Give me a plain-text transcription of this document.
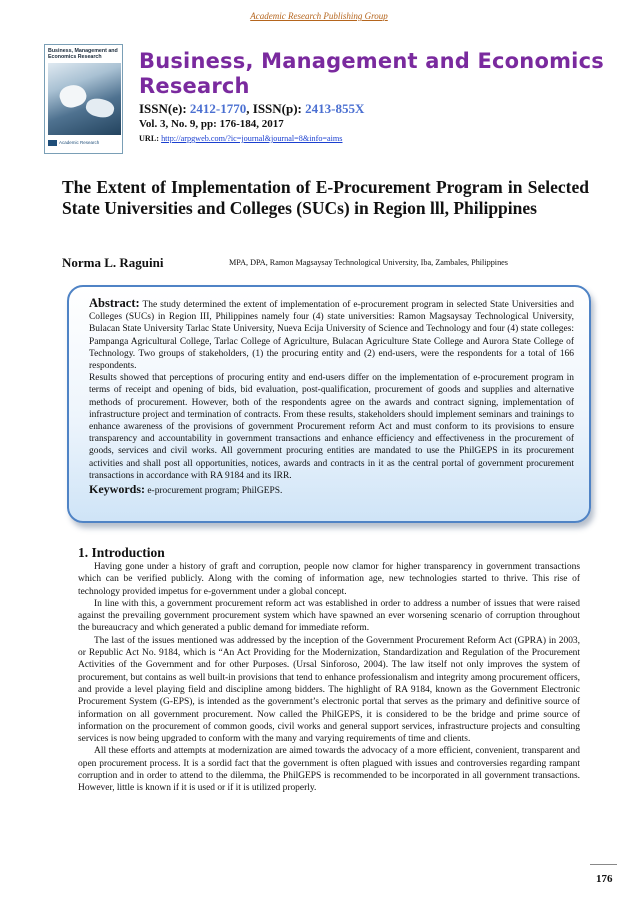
Academic Research Publishing Group
Business, Management and Economics Research
Academic Research
Business, Management and Economics Research
ISSN(e): 2412-1770, ISSN(p): 2413-855X
Vol. 3, No. 9, pp: 176-184, 2017
URL: http://arpgweb.com/?ic=journal&journal=8&info=aims
The Extent of Implementation of E-Procurement Program in Selected State Universities and Colleges (SUCs) in Region lll, Philippines
Norma L. Raguini	MPA, DPA, Ramon Magsaysay Technological University, Iba, Zambales, Philippines

Abstract: The study determined the extent of implementation of e-procurement program in selected State Universities and Colleges (SUCs) in Region III, Philippines namely four (4) state universities: Ramon Magsaysay Technological University, Bulacan State University Tarlac State University, Nueva Ecija University of Science and Technology and four (4) state colleges: Pampanga Agricultural College, Tarlac College of Agriculture, Bulacan Agriculture State College and Aurora State College of Technology. Two groups of stakeholders, (1) the procuring entity and (2) end-users, were the respondents for a total of 166 respondents.

Results showed that perceptions of procuring entity and end-users differ on the implementation of e-procurement program in terms of receipt and opening of bids, bid evaluation, post-qualification, procurement of goods and supplies and alternative methods of procurement. However, both of the respondents agree on the awards and contract signing, implementation of infrastructure project and termination of contracts. From these results, stakeholders should implement seminars and trainings to enhance awareness of the provisions of government Procurement reform Act and must conform to its provisions to ensure transparency and accountability in government transactions and enhance efficiency and effectiveness in the procurement of goods, services and civil works. All government procuring entities are mandated to use the PhilGEPS in its procurement activities and shall post all opportunities, notices, awards and contracts in it as the central portal of government procurement transactions in accordance with RA 9184 and its IRR.

Keywords: e-procurement program; PhilGEPS.

1. Introduction

Having gone under a history of graft and corruption, people now clamor for higher transparency in government transactions which can be verified publicly. Along with the coming of information age, new technologies started to thrive. This rise of technology provided impetus for e-government under a global concept.

In line with this, a government procurement reform act was established in order to address a number of issues that were raised against the prevailing government procurement system which have spawned an ever worsening scenario of corruption throughout the bureaucracy and which generated a public demand for immediate reform.

The last of the issues mentioned was addressed by the inception of the Government Procurement Reform Act (GPRA) in 2003, or Republic Act No. 9184, which is “An Act Providing for the Modernization, Standardization and Regulation of the Procurement Activities of the Government and for other Purposes. (Ursal Sinforoso, 2004). The law itself not only improves the system of procurement, but contains as well built-in provisions that tend to enhance professionalism and integrity among procurement officers, and provide a level playing field and discipline among bidders. The highlight of RA 9184, known as the Government Electronic Procurement System (G-EPS), is intended as the government’s electronic portal that serves as the primary and definitive source of information on all government procurement. Now called the PhilGEPS, it is considered to be the bridge and prime source of information on the procurement of common goods, civil works and general support services, infrastructure projects and consulting services is now being upgraded to conform with the many and varying requirements of time and clients.

All these efforts and attempts at modernization are aimed towards the advocacy of a more efficient, convenient, transparent and open procurement process. It is a sordid fact that the government is often plagued with issues and controversies regarding rampant corruption and in order to attend to the dilemma, the PhilGEPS is recommended to be incorporated in all government transactions. However, little is known if it is used or if it is utilized properly.

176
